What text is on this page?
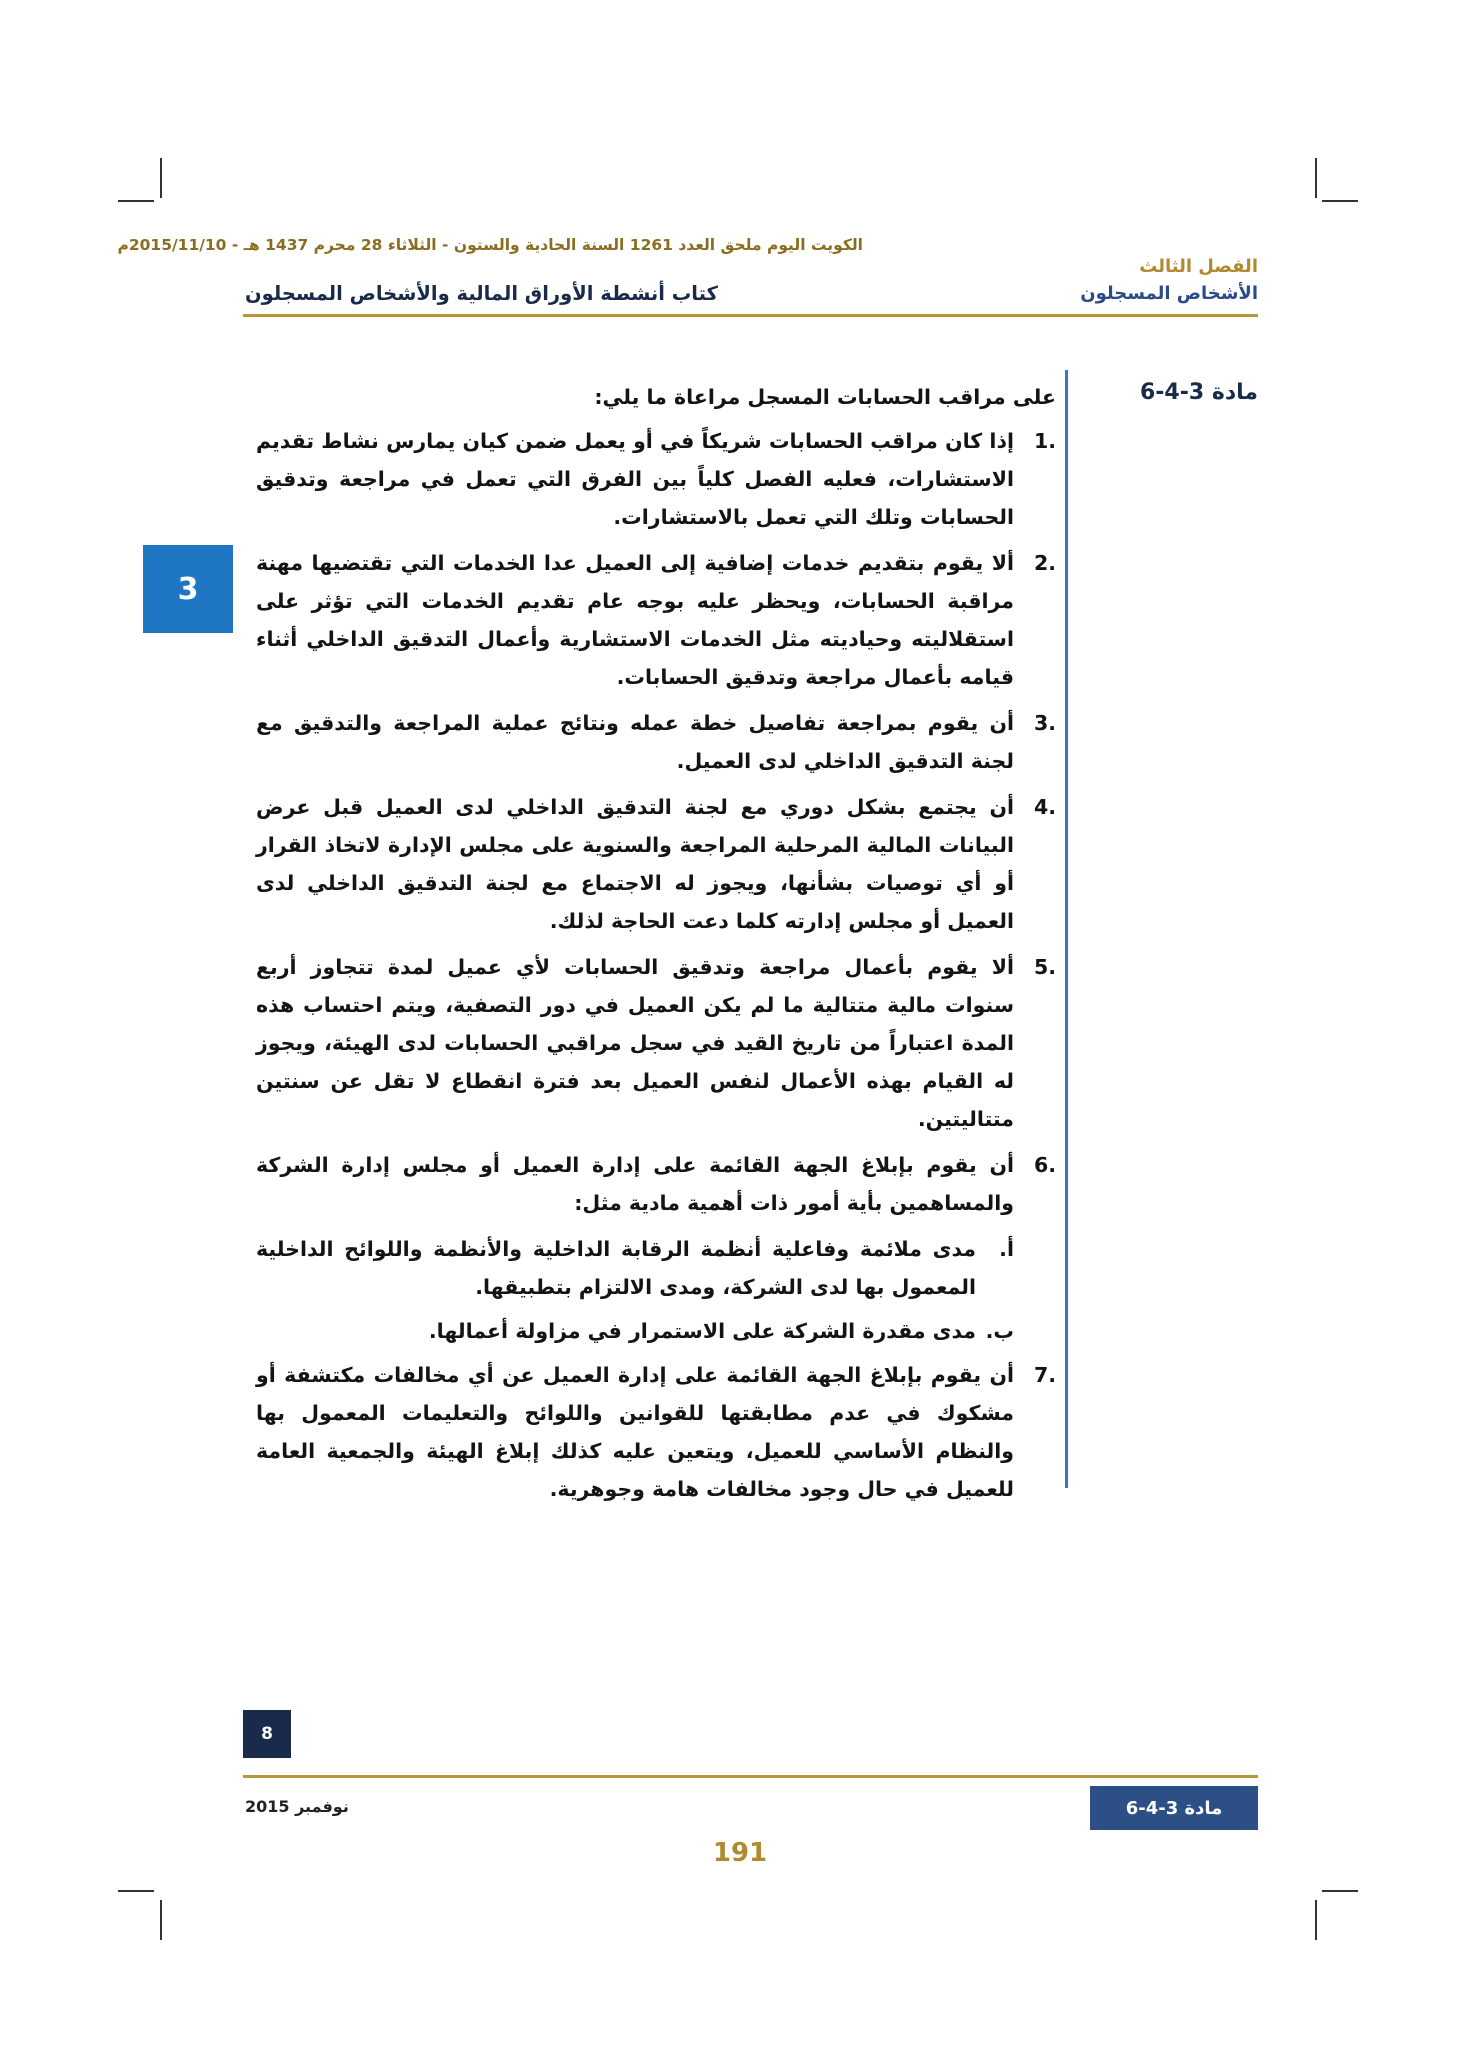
الكويت اليوم ملحق العدد 1261 السنة الحادية والستون - الثلاثاء 28 محرم 1437 هـ - 2015/11/10م
الفصل الثالث
الأشخاص المسجلون
كتاب أنشطة الأوراق المالية والأشخاص المسجلون
مادة 3-4-6
3
على مراقب الحسابات المسجل مراعاة ما يلي:
.1
إذا كان مراقب الحسابات شريكاً في أو يعمل ضمن كيان يمارس نشاط تقديم الاستشارات، فعليه الفصل كلياً بين الفرق التي تعمل في مراجعة وتدقيق الحسابات وتلك التي تعمل بالاستشارات.
.2
ألا يقوم بتقديم خدمات إضافية إلى العميل عدا الخدمات التي تقتضيها مهنة مراقبة الحسابات، ويحظر عليه بوجه عام تقديم الخدمات التي تؤثر على استقلاليته وحياديته مثل الخدمات الاستشارية وأعمال التدقيق الداخلي أثناء قيامه بأعمال مراجعة وتدقيق الحسابات.
.3
أن يقوم بمراجعة تفاصيل خطة عمله ونتائج عملية المراجعة والتدقيق مع لجنة التدقيق الداخلي لدى العميل.
.4
أن يجتمع بشكل دوري مع لجنة التدقيق الداخلي لدى العميل قبل عرض البيانات المالية المرحلية المراجعة والسنوية على مجلس الإدارة لاتخاذ القرار أو أي توصيات بشأنها، ويجوز له الاجتماع مع لجنة التدقيق الداخلي لدى العميل أو مجلس إدارته كلما دعت الحاجة لذلك.
.5
ألا يقوم بأعمال مراجعة وتدقيق الحسابات لأي عميل لمدة تتجاوز أربع سنوات مالية متتالية ما لم يكن العميل في دور التصفية، ويتم احتساب هذه المدة اعتباراً من تاريخ القيد في سجل مراقبي الحسابات لدى الهيئة، ويجوز له القيام بهذه الأعمال لنفس العميل بعد فترة انقطاع لا تقل عن سنتين متتاليتين.
.6
أن يقوم بإبلاغ الجهة القائمة على إدارة العميل أو مجلس إدارة الشركة والمساهمين بأية أمور ذات أهمية مادية مثل:
أ.
مدى ملائمة وفاعلية أنظمة الرقابة الداخلية والأنظمة واللوائح الداخلية المعمول بها لدى الشركة، ومدى الالتزام بتطبيقها.
ب.
مدى مقدرة الشركة على الاستمرار في مزاولة أعمالها.
.7
أن يقوم بإبلاغ الجهة القائمة على إدارة العميل عن أي مخالفات مكتشفة أو مشكوك في عدم مطابقتها للقوانين واللوائح والتعليمات المعمول بها والنظام الأساسي للعميل، ويتعين عليه كذلك إبلاغ الهيئة والجمعية العامة للعميل في حال وجود مخالفات هامة وجوهرية.
8
نوفمبر 2015	مادة 3-4-6
191
